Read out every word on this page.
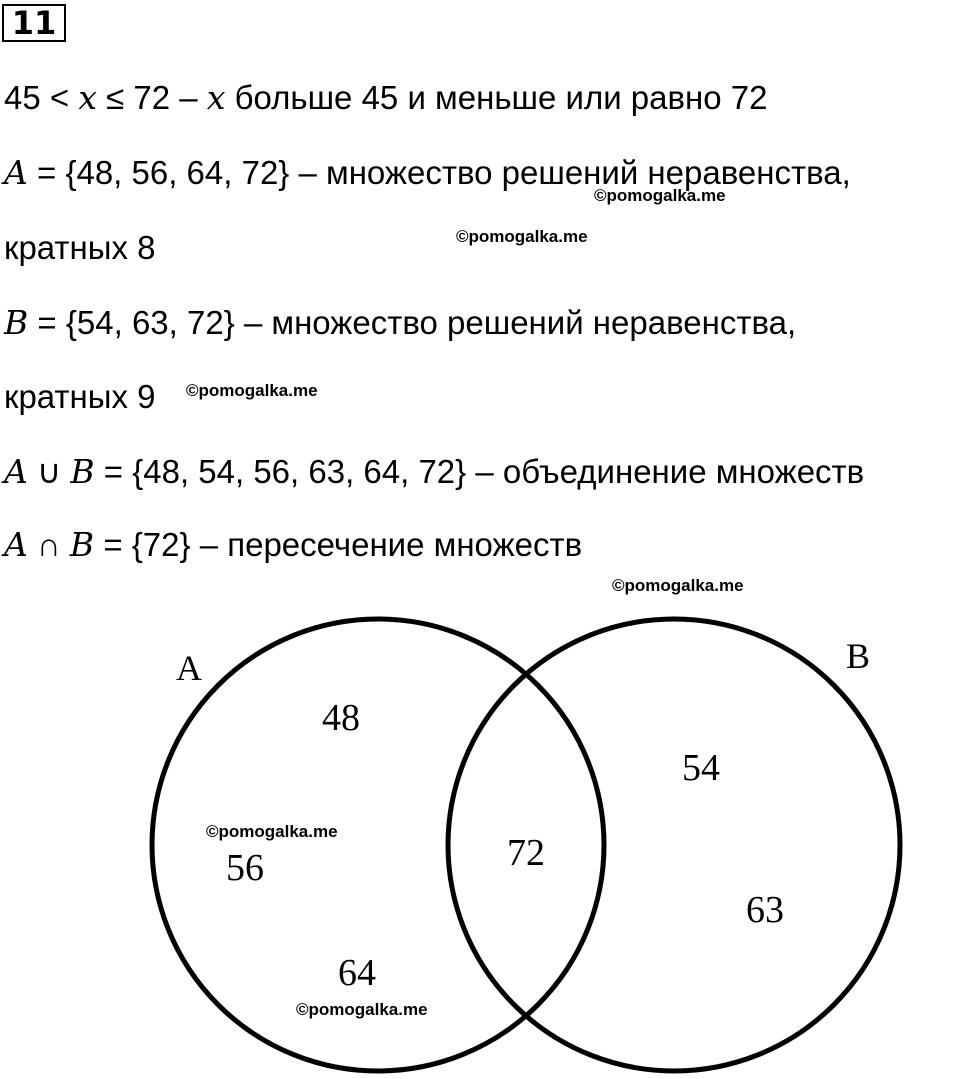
11
45 < x ≤ 72 – x больше 45 и меньше или равно 72
A = {48, 56, 64, 72} – множество решений неравенства,
кратных 8
B = {54, 63, 72} – множество решений неравенства,
кратных 9
A ∪ B = {48, 54, 56, 63, 64, 72} – объединение множеств
A ∩ B = {72} – пересечение множеств
A	B
48
56
64
72
54
63
©pomogalka.me
©pomogalka.me
©pomogalka.me
©pomogalka.me
©pomogalka.me
©pomogalka.me
